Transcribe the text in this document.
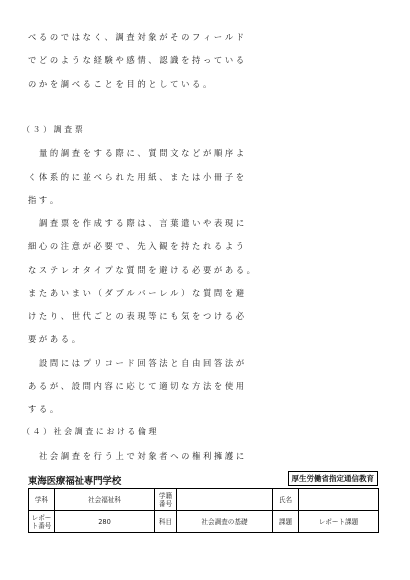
べ る の で は な く 、 調 査 対 象 が そ の フ ィ ー ル ド
で ど の よ う な 経 験 や 感 情 、 認 識 を 持 っ て い る
の か を 調 べ る こ と を 目 的 と し て い る 。
（ ３ ） 調 査 票
量 的 調 査 を す る 際 に 、 質 問 文 な ど が 順 序 よ
く 体 系 的 に 並 べ ら れ た 用 紙 、 ま た は 小 冊 子 を
指 す 。
調 査 票 を 作 成 す る 際 は 、 言 葉 遣 い や 表 現 に
細 心 の 注 意 が 必 要 で 、 先 入 観 を 持 た れ る よ う
な ス テ レ オ タ イ プ な 質 問 を 避 け る 必 要 が あ る 。
ま た あ い ま い （ ダ ブ ル バ ー レ ル ） な 質 問 を 避
け た り 、 世 代 ご と の 表 現 等 に も 気 を つ け る 必
要 が あ る 。
設 問 に は プ リ コ ー ド 回 答 法 と 自 由 回 答 法 が
あ る が 、 設 問 内 容 に 応 じ て 適 切 な 方 法 を 使 用
す る 。
（ ４ ） 社 会 調 査 に お け る 倫 理
社 会 調 査 を 行 う 上 で 対 象 者 へ の 権 利 擁 護 に
東海医療福祉専門学校	厚生労働省指定通信教育
学科	社会福祉科	学籍番号		氏名	
レポート番号	280	科目	社会調査の基礎	課題	レポート課題
